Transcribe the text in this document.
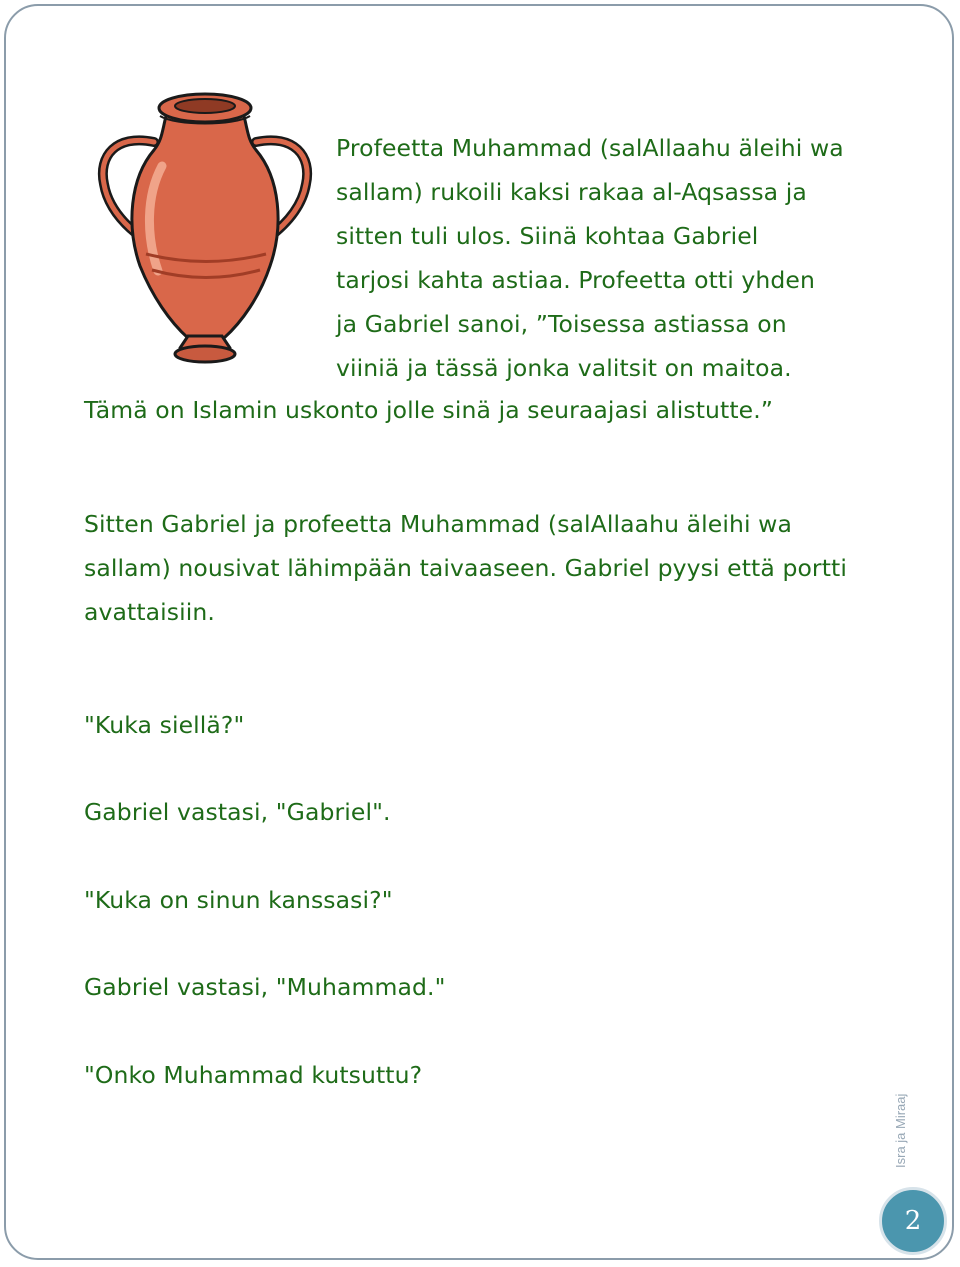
Profeetta Muhammad (salAllaahu äleihi wa
sallam) rukoili kaksi rakaa al-Aqsassa ja
sitten tuli ulos. Siinä kohtaa Gabriel
tarjosi kahta astiaa. Profeetta otti yhden
ja Gabriel sanoi, ”Toisessa astiassa on
viiniä ja tässä jonka valitsit on maitoa.
Tämä on Islamin uskonto jolle sinä ja seuraajasi alistutte.”
Sitten Gabriel ja profeetta Muhammad (salAllaahu äleihi wa
sallam) nousivat lähimpään taivaaseen. Gabriel pyysi että portti
avattaisiin.
"Kuka siellä?"
Gabriel vastasi, "Gabriel".
"Kuka on sinun kanssasi?"
Gabriel vastasi, "Muhammad."
"Onko Muhammad kutsuttu?
Isra ja Miraaj
2
